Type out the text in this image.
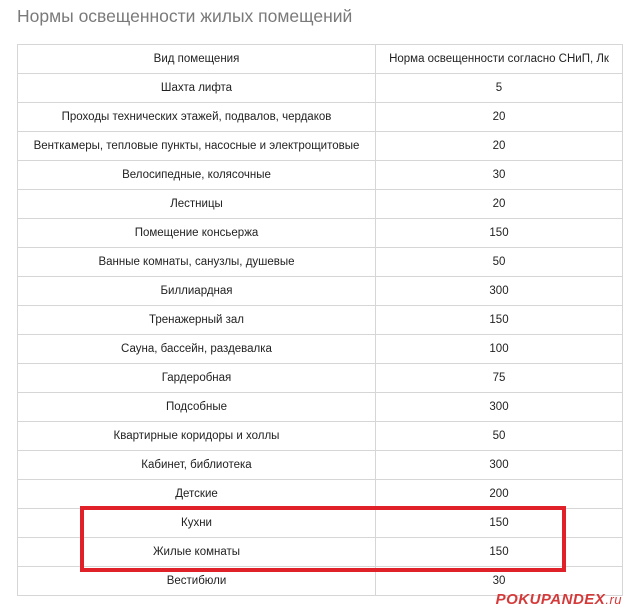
Нормы освещенности жилых помещений
Вид помещения	Норма освещенности согласно СНиП, Лк
Шахта лифта	5
Проходы технических этажей, подвалов, чердаков	20
Венткамеры, тепловые пункты, насосные и электрощитовые	20
Велосипедные, колясочные	30
Лестницы	20
Помещение консьержа	150
Ванные комнаты, санузлы, душевые	50
Биллиардная	300
Тренажерный зал	150
Сауна, бассейн, раздевалка	100
Гардеробная	75
Подсобные	300
Квартирные коридоры и холлы	50
Кабинет, библиотека	300
Детские	200
Кухни	150
Жилые комнаты	150
Вестибюли	30
POKUPANDEX.ru
